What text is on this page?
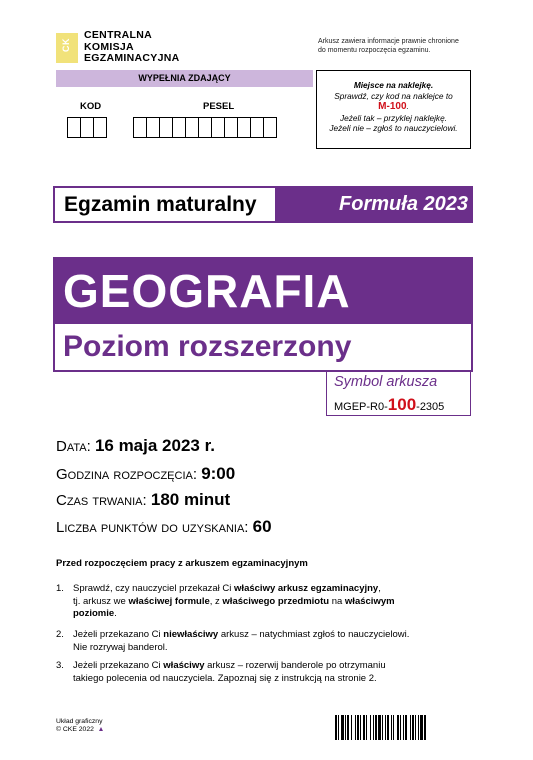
CK
CENTRALNA
KOMISJA
EGZAMINACYJNA
Arkusz zawiera informacje prawnie chronione
do momentu rozpoczęcia egzaminu.
WYPEŁNIA ZDAJĄCY
KOD	PESEL
Miejsce na naklejkę.
Sprawdź, czy kod na naklejce to
M-100.
Jeżeli tak – przyklej naklejkę.
Jeżeli nie – zgłoś to nauczycielowi.
Egzamin maturalny	Formuła 2023
GEOGRAFIA
Poziom rozszerzony
Symbol arkusza
MGEP-R0-100-2305
Data: 16 maja 2023 r.
Godzina rozpoczęcia: 9:00
Czas trwania: 180 minut
Liczba punktów do uzyskania: 60
Przed rozpoczęciem pracy z arkuszem egzaminacyjnym
1. Sprawdź, czy nauczyciel przekazał Ci właściwy arkusz egzaminacyjny,
tj. arkusz we właściwej formule, z właściwego przedmiotu na właściwym
poziomie.
2. Jeżeli przekazano Ci niewłaściwy arkusz – natychmiast zgłoś to nauczycielowi.
Nie rozrywaj banderol.
3. Jeżeli przekazano Ci właściwy arkusz – rozerwij banderole po otrzymaniu
takiego polecenia od nauczyciela. Zapoznaj się z instrukcją na stronie 2.
Układ graficzny
© CKE 2022 ▲
